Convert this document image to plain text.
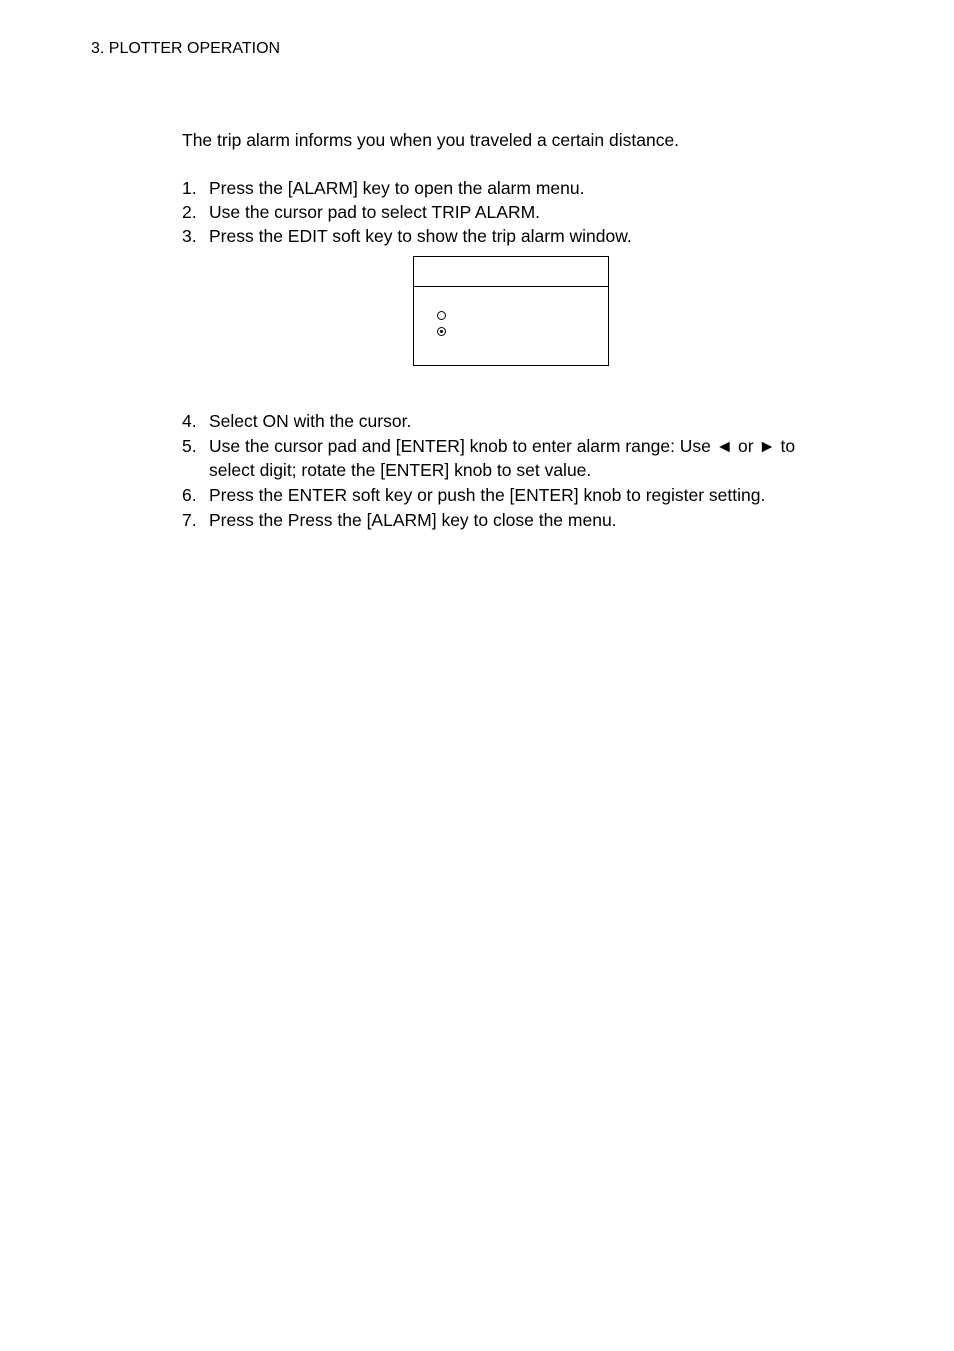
3. PLOTTER OPERATION
The trip alarm informs you when you traveled a certain distance.
1. Press the [ALARM] key to open the alarm menu.
2. Use the cursor pad to select TRIP ALARM.
3. Press the EDIT soft key to show the trip alarm window.
4. Select ON with the cursor.
5. Use the cursor pad and [ENTER] knob to enter alarm range: Use ◄ or ► to
select digit; rotate the [ENTER] knob to set value.
6. Press the ENTER soft key or push the [ENTER] knob to register setting.
7. Press the Press the [ALARM] key to close the menu.
